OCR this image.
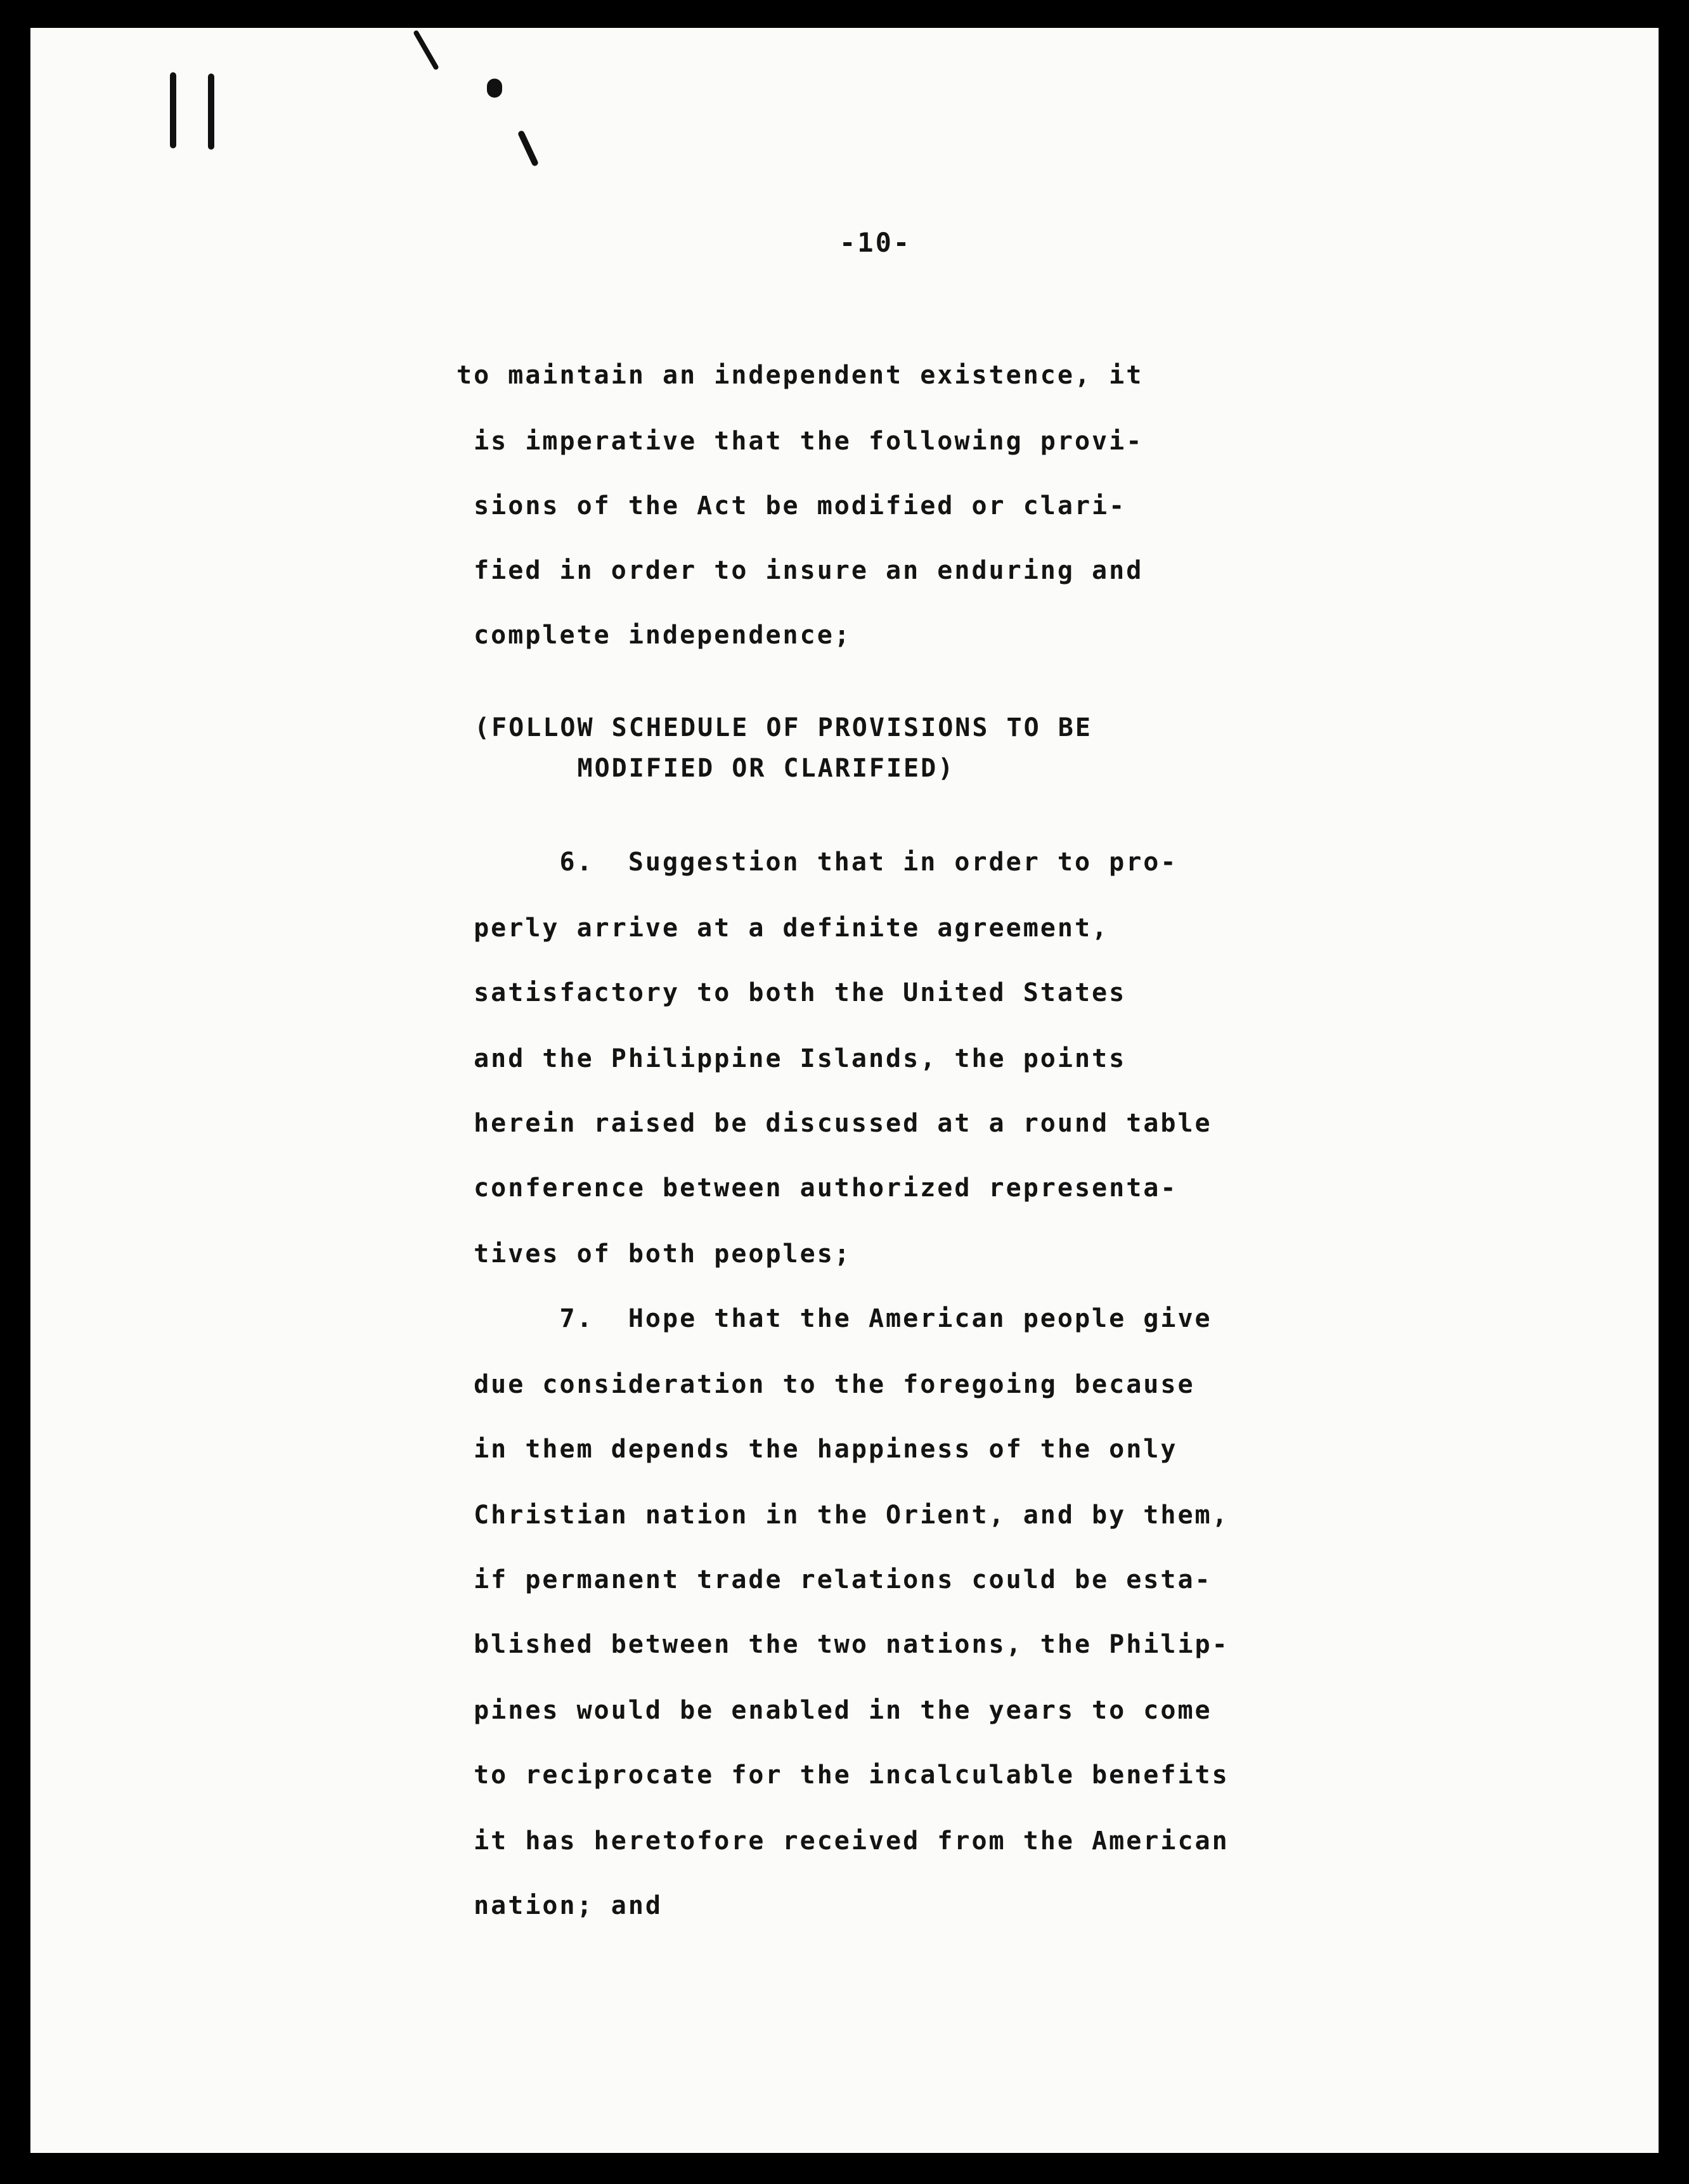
-10-
to maintain an independent existence, it
is imperative that the following provi-
sions of the Act be modified or clari-
fied in order to insure an enduring and
complete independence;
(FOLLOW SCHEDULE OF PROVISIONS TO BE
MODIFIED OR CLARIFIED)
6.  Suggestion that in order to pro-
perly arrive at a definite agreement,
satisfactory to both the United States
and the Philippine Islands, the points
herein raised be discussed at a round table
conference between authorized representa-
tives of both peoples;
7.  Hope that the American people give
due consideration to the foregoing because
in them depends the happiness of the only
Christian nation in the Orient, and by them,
if permanent trade relations could be esta-
blished between the two nations, the Philip-
pines would be enabled in the years to come
to reciprocate for the incalculable benefits
it has heretofore received from the American
nation; and
